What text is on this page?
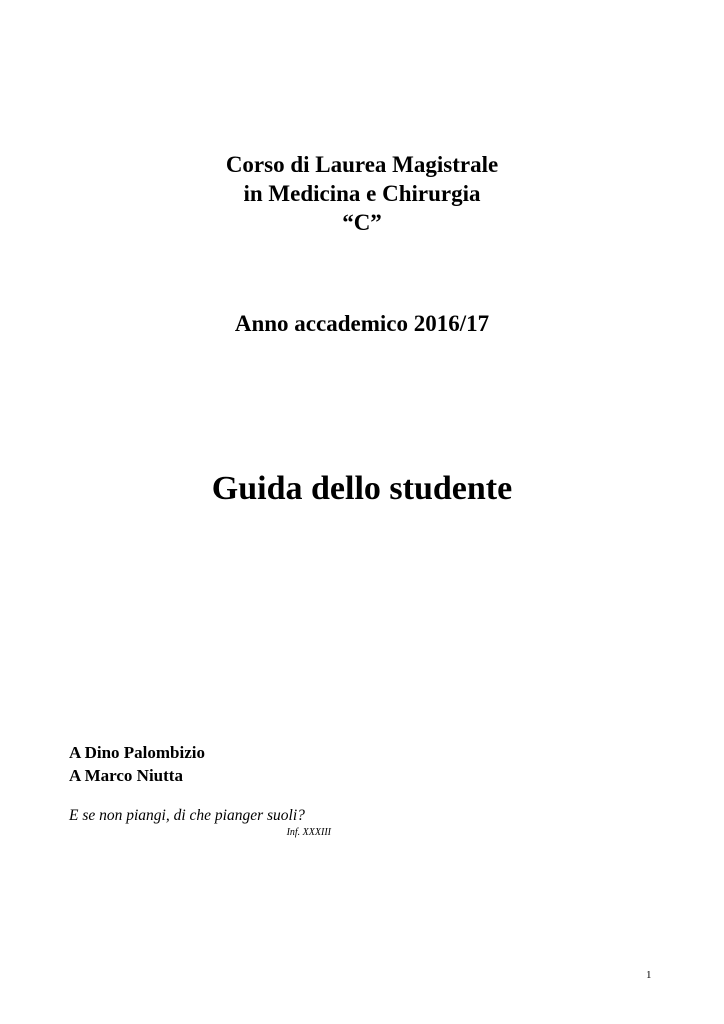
Corso di Laurea Magistrale
in Medicina e Chirurgia
“C”
Anno accademico 2016/17
Guida dello studente
A Dino Palombizio
A Marco Niutta
E se non piangi, di che pianger suoli?
Inf. XXXIII
1
